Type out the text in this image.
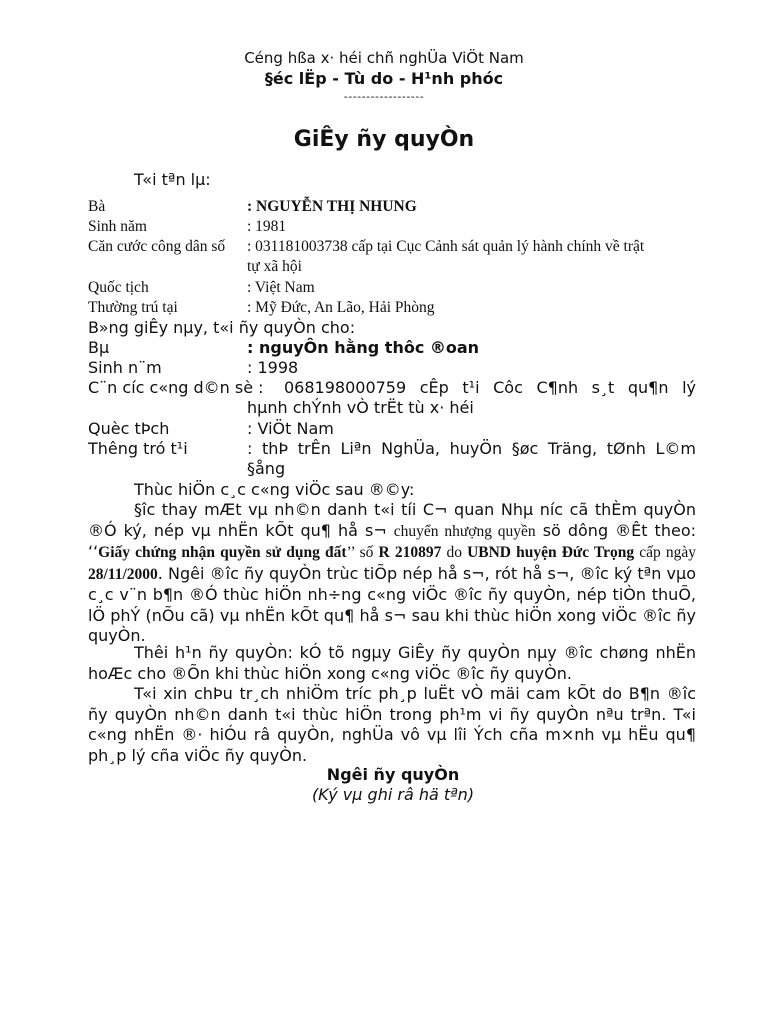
Céng hßa x· héi chñ nghÜa ViÖt Nam
§éc lËp - Tù do - H¹nh phóc
------------------
GiÊy ñy quyÒn
T«i tªn lµ:
Bà	: NGUYỄN THỊ NHUNG
Sinh năm	: 1981
Căn cước công dân số : 031181003738 cấp tại Cục Cảnh sát quản lý hành chính về trật
tự xã hội
Quốc tịch	: Việt Nam
Thường trú tại	: Mỹ Đức, An Lão, Hải Phòng
B»ng giÊy nµy, t«i ñy quyÒn cho:
Bµ	: nguyÔn hằng thôc ®oan
Sinh n¨m	: 1998
C¨n cíc c«ng d©n sè : 068198000759 cÊp t¹i Côc C¶nh s¸t qu¶n lý
hµnh chÝnh vÒ trËt tù x· héi
Quèc tÞch	: ViÖt Nam
Thêng tró t¹i	: thÞ trÊn Liªn NghÜa, huyÖn §øc Träng, tØnh L©m
§ång
Thùc hiÖn c¸c c«ng viÖc sau ®©y:
§îc thay mÆt vµ nh©n danh t«i tíi C¬ quan Nhµ níc cã thÈm quyÒn ®Ó ký, nép vµ nhËn kÕt qu¶ hå s¬ chuyển nhượng quyền sö dông ®Êt theo: ‘‘Giấy chứng nhận quyền sử dụng đất’’ số R 210897 do UBND huyện Đức Trọng cấp ngày 28/11/2000. Ngêi ®îc ñy quyÒn trùc tiÕp nép hå s¬, rót hå s¬, ®îc ký tªn vµo c¸c v¨n b¶n ®Ó thùc hiÖn nh÷ng c«ng viÖc ®îc ñy quyÒn, nép tiÒn thuÕ, lÖ phÝ (nÕu cã) vµ nhËn kÕt qu¶ hå s¬ sau khi thùc hiÖn xong viÖc ®îc ñy quyÒn.
Thêi h¹n ñy quyÒn: kÓ tõ ngµy GiÊy ñy quyÒn nµy ®îc chøng nhËn hoÆc cho ®Õn khi thùc hiÖn xong c«ng viÖc ®îc ñy quyÒn.
T«i xin chÞu tr¸ch nhiÖm tríc ph¸p luËt vÒ mäi cam kÕt do B¶n ®îc ñy quyÒn nh©n danh t«i thùc hiÖn trong ph¹m vi ñy quyÒn nªu trªn. T«i c«ng nhËn ®· hiÓu râ quyÒn, nghÜa vô vµ lîi Ých cña m×nh vµ hËu qu¶ ph¸p lý cña viÖc ñy quyÒn.
Ngêi ñy quyÒn
(Ký vµ ghi râ hä tªn)
